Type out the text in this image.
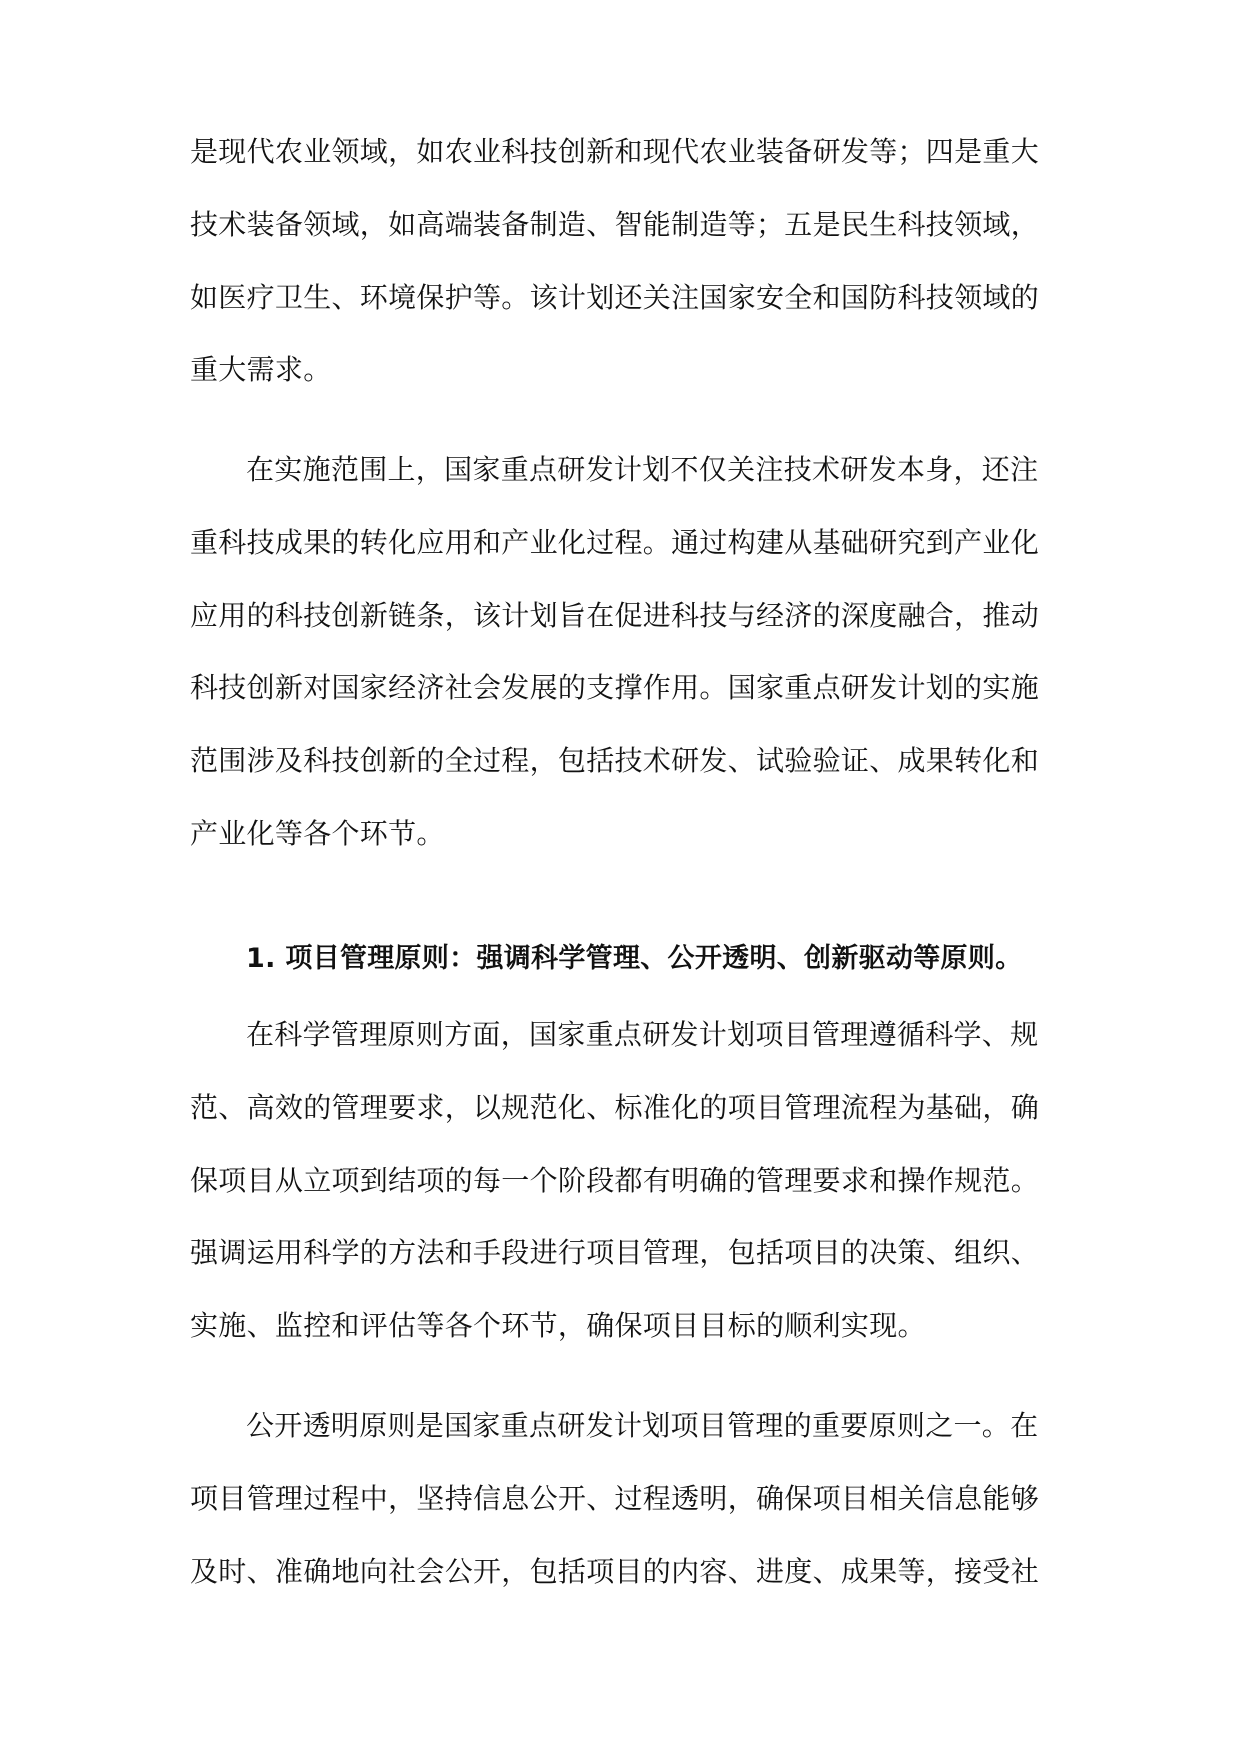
是现代农业领域，如农业科技创新和现代农业装备研发等；四是重大
技术装备领域，如高端装备制造、智能制造等；五是民生科技领域，
如医疗卫生、环境保护等。该计划还关注国家安全和国防科技领域的
重大需求。
在实施范围上，国家重点研发计划不仅关注技术研发本身，还注
重科技成果的转化应用和产业化过程。通过构建从基础研究到产业化
应用的科技创新链条，该计划旨在促进科技与经济的深度融合，推动
科技创新对国家经济社会发展的支撑作用。国家重点研发计划的实施
范围涉及科技创新的全过程，包括技术研发、试验验证、成果转化和
产业化等各个环节。
1. 项目管理原则：强调科学管理、公开透明、创新驱动等原则。
在科学管理原则方面，国家重点研发计划项目管理遵循科学、规
范、高效的管理要求，以规范化、标准化的项目管理流程为基础，确
保项目从立项到结项的每一个阶段都有明确的管理要求和操作规范。
强调运用科学的方法和手段进行项目管理，包括项目的决策、组织、
实施、监控和评估等各个环节，确保项目目标的顺利实现。
公开透明原则是国家重点研发计划项目管理的重要原则之一。在
项目管理过程中，坚持信息公开、过程透明，确保项目相关信息能够
及时、准确地向社会公开，包括项目的内容、进度、成果等，接受社
